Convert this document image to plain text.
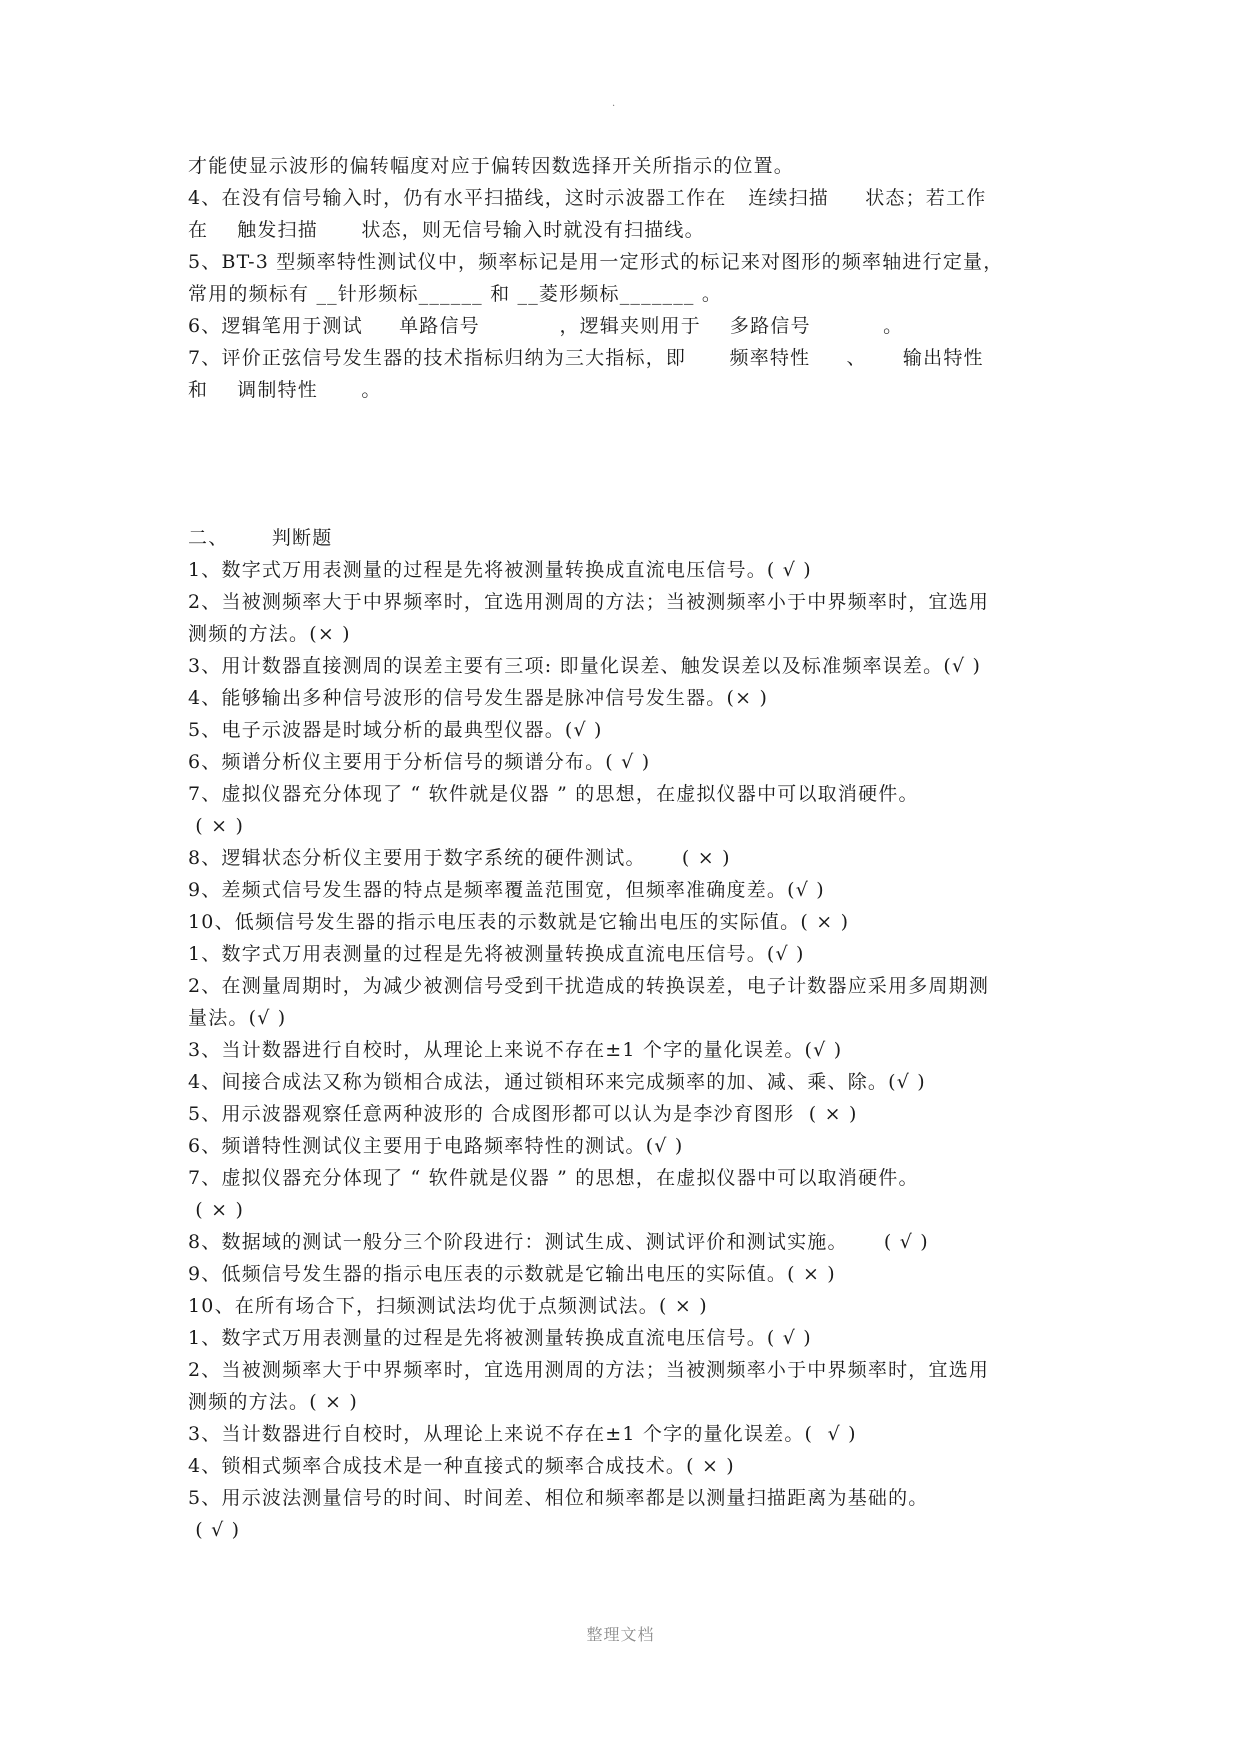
.
才能使显示波形的偏转幅度对应于偏转因数选择开关所指示的位置。
4、在没有信号输入时，仍有水平扫描线，这时示波器工作在   连续扫描     状态；若工作
在    触发扫描      状态，则无信号输入时就没有扫描线。
5、BT-3 型频率特性测试仪中，频率标记是用一定形式的标记来对图形的频率轴进行定量，
常用的频标有 __针形频标______ 和 __菱形频标_______ 。
6、逻辑笔用于测试     单路信号           ，逻辑夹则用于    多路信号          。
7、评价正弦信号发生器的技术指标归纳为三大指标，即      频率特性     、     输出特性
和    调制特性      。
二、      判断题
1、数字式万用表测量的过程是先将被测量转换成直流电压信号。( √ )
2、当被测频率大于中界频率时，宜选用测周的方法；当被测频率小于中界频率时，宜选用
测频的方法。(× )
3、用计数器直接测周的误差主要有三项: 即量化误差、触发误差以及标准频率误差。(√ )
4、能够输出多种信号波形的信号发生器是脉冲信号发生器。(× )
5、电子示波器是时域分析的最典型仪器。(√ )
6、频谱分析仪主要用于分析信号的频谱分布。( √ )
7、虚拟仪器充分体现了 “ 软件就是仪器 ” 的思想，在虚拟仪器中可以取消硬件。
( × )
8、逻辑状态分析仪主要用于数字系统的硬件测试。     ( × )
9、差频式信号发生器的特点是频率覆盖范围宽，但频率准确度差。(√ )
10、低频信号发生器的指示电压表的示数就是它输出电压的实际值。( × )
1、数字式万用表测量的过程是先将被测量转换成直流电压信号。(√ )
2、在测量周期时，为减少被测信号受到干扰造成的转换误差，电子计数器应采用多周期测
量法。(√ )
3、当计数器进行自校时，从理论上来说不存在±1 个字的量化误差。(√ )
4、间接合成法又称为锁相合成法，通过锁相环来完成频率的加、减、乘、除。(√ )
5、用示波器观察任意两种波形的 合成图形都可以认为是李沙育图形  ( × )
6、频谱特性测试仪主要用于电路频率特性的测试。(√ )
7、虚拟仪器充分体现了 “ 软件就是仪器 ” 的思想，在虚拟仪器中可以取消硬件。
( × )
8、数据域的测试一般分三个阶段进行：测试生成、测试评价和测试实施。     ( √ )
9、低频信号发生器的指示电压表的示数就是它输出电压的实际值。( × )
10、在所有场合下，扫频测试法均优于点频测试法。( × )
1、数字式万用表测量的过程是先将被测量转换成直流电压信号。( √ )
2、当被测频率大于中界频率时，宜选用测周的方法；当被测频率小于中界频率时，宜选用
测频的方法。( × )
3、当计数器进行自校时，从理论上来说不存在±1 个字的量化误差。(  √ )
4、锁相式频率合成技术是一种直接式的频率合成技术。( × )
5、用示波法测量信号的时间、时间差、相位和频率都是以测量扫描距离为基础的。
( √ )
整理文档
